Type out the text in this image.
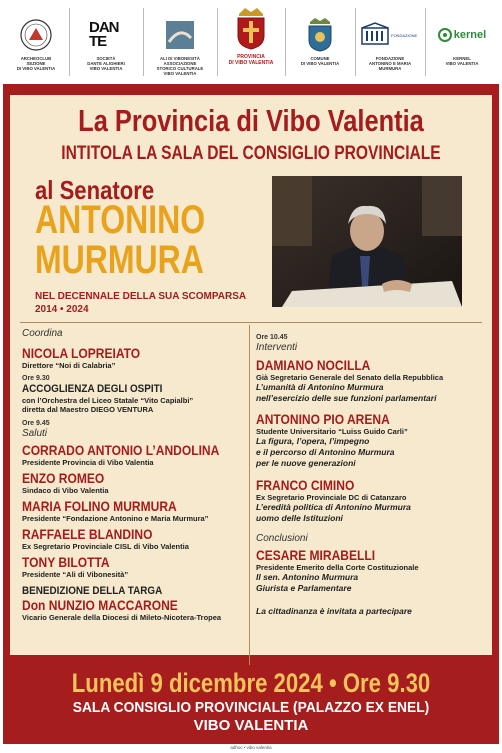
ARCHEOCLUB
SEZIONE
DI VIBO VALENTIA
DAN TE
SOCIETÀ
DANTE ALIGHIERI
VIBO VALENTIA
ALI DI VIBONESITÀ
ASSOCIAZIONE
STORICO CULTURALE
VIBO VALENTIA
PROVINCIA
DI VIBO VALENTIA
COMUNE
DI VIBO VALENTIA
FONDAZIONE
FONDAZIONE
ANTONINO E MARIA
MURMURA
kernel
KERNEL
VIBO VALENTIA
La Provincia di Vibo Valentia
INTITOLA LA SALA DEL CONSIGLIO PROVINCIALE
al Senatore
ANTONINO
MURMURA
NEL DECENNALE DELLA SUA SCOMPARSA
2014 • 2024
Coordina
NICOLA LOPREIATO
Direttore “Noi di Calabria”
Ore 9.30
ACCOGLIENZA DEGLI OSPITI
con l’Orchestra del Liceo Statale “Vito Capialbi”
diretta dal Maestro DIEGO VENTURA
Ore 9.45
Saluti
CORRADO ANTONIO L’ANDOLINA
Presidente Provincia di Vibo Valentia
ENZO ROMEO
Sindaco di Vibo Valentia
MARIA FOLINO MURMURA
Presidente “Fondazione Antonino e Maria Murmura”
RAFFAELE BLANDINO
Ex Segretario Provinciale CISL di Vibo Valentia
TONY BILOTTA
Presidente “Ali di Vibonesità”
BENEDIZIONE DELLA TARGA
Don NUNZIO MACCARONE
Vicario Generale della Diocesi di Mileto-Nicotera-Tropea
Ore 10.45
Interventi
DAMIANO NOCILLA
Già Segretario Generale del Senato della Repubblica
L’umanità di Antonino Murmura
nell’esercizio delle sue funzioni parlamentari
ANTONINO PIO ARENA
Studente Universitario “Luiss Guido Carli”
La figura, l’opera, l’impegno
e il percorso di Antonino Murmura
per le nuove generazioni
FRANCO CIMINO
Ex Segretario Provinciale DC di Catanzaro
L’eredità politica di Antonino Murmura
uomo delle Istituzioni
Conclusioni
CESARE MIRABELLI
Presidente Emerito della Corte Costituzionale
Il sen. Antonino Murmura
Giurista e Parlamentare
La cittadinanza è invitata a partecipare
Lunedì 9 dicembre 2024 • Ore 9.30
SALA CONSIGLIO PROVINCIALE (PALAZZO EX ENEL)
VIBO VALENTIA
adhoc • vibo valentia
